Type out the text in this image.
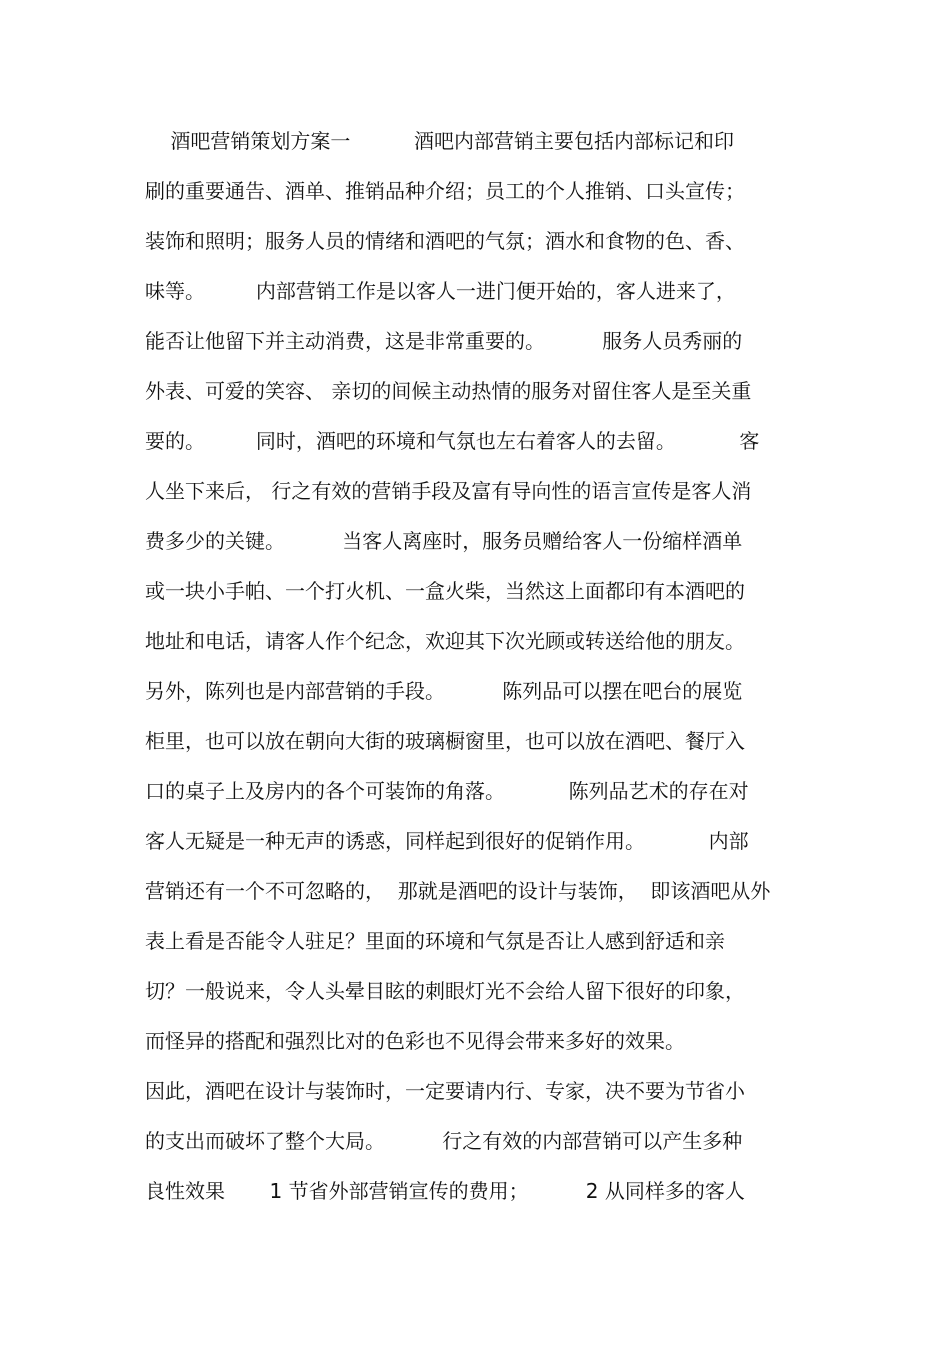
酒吧营销策划方案一          酒吧内部营销主要包括内部标记和印
刷的重要通告、酒单、推销品种介绍；员工的个人推销、口头宣传；
装饰和照明；服务人员的情绪和酒吧的气氛；酒水和食物的色、香、
味等。        内部营销工作是以客人一进门便开始的，客人进来了，
能否让他留下并主动消费，这是非常重要的。         服务人员秀丽的
外表、可爱的笑容、 亲切的间候主动热情的服务对留住客人是至关重
要的。        同时，酒吧的环境和气氛也左右着客人的去留。          客
人坐下来后， 行之有效的营销手段及富有导向性的语言宣传是客人消
费多少的关键。         当客人离座时，服务员赠给客人一份缩样酒单
或一块小手帕、一个打火机、一盒火柴，当然这上面都印有本酒吧的
地址和电话，请客人作个纪念，欢迎其下次光顾或转送给他的朋友。
另外，陈列也是内部营销的手段。         陈列品可以摆在吧台的展览
柜里，也可以放在朝向大街的玻璃橱窗里，也可以放在酒吧、餐厅入
口的桌子上及房内的各个可装饰的角落。          陈列品艺术的存在对
客人无疑是一种无声的诱惑，同样起到很好的促销作用。          内部
营销还有一个不可忽略的，  那就是酒吧的设计与装饰，  即该酒吧从外
表上看是否能令人驻足？里面的环境和气氛是否让人感到舒适和亲
切？一般说来，令人头晕目眩的刺眼灯光不会给人留下很好的印象，
而怪异的搭配和强烈比对的色彩也不见得会带来多好的效果。
因此，酒吧在设计与装饰时，一定要请内行、专家，决不要为节省小
的支出而破坏了整个大局。         行之有效的内部营销可以产生多种
良性效果       1 节省外部营销宣传的费用；         2 从同样多的客人
